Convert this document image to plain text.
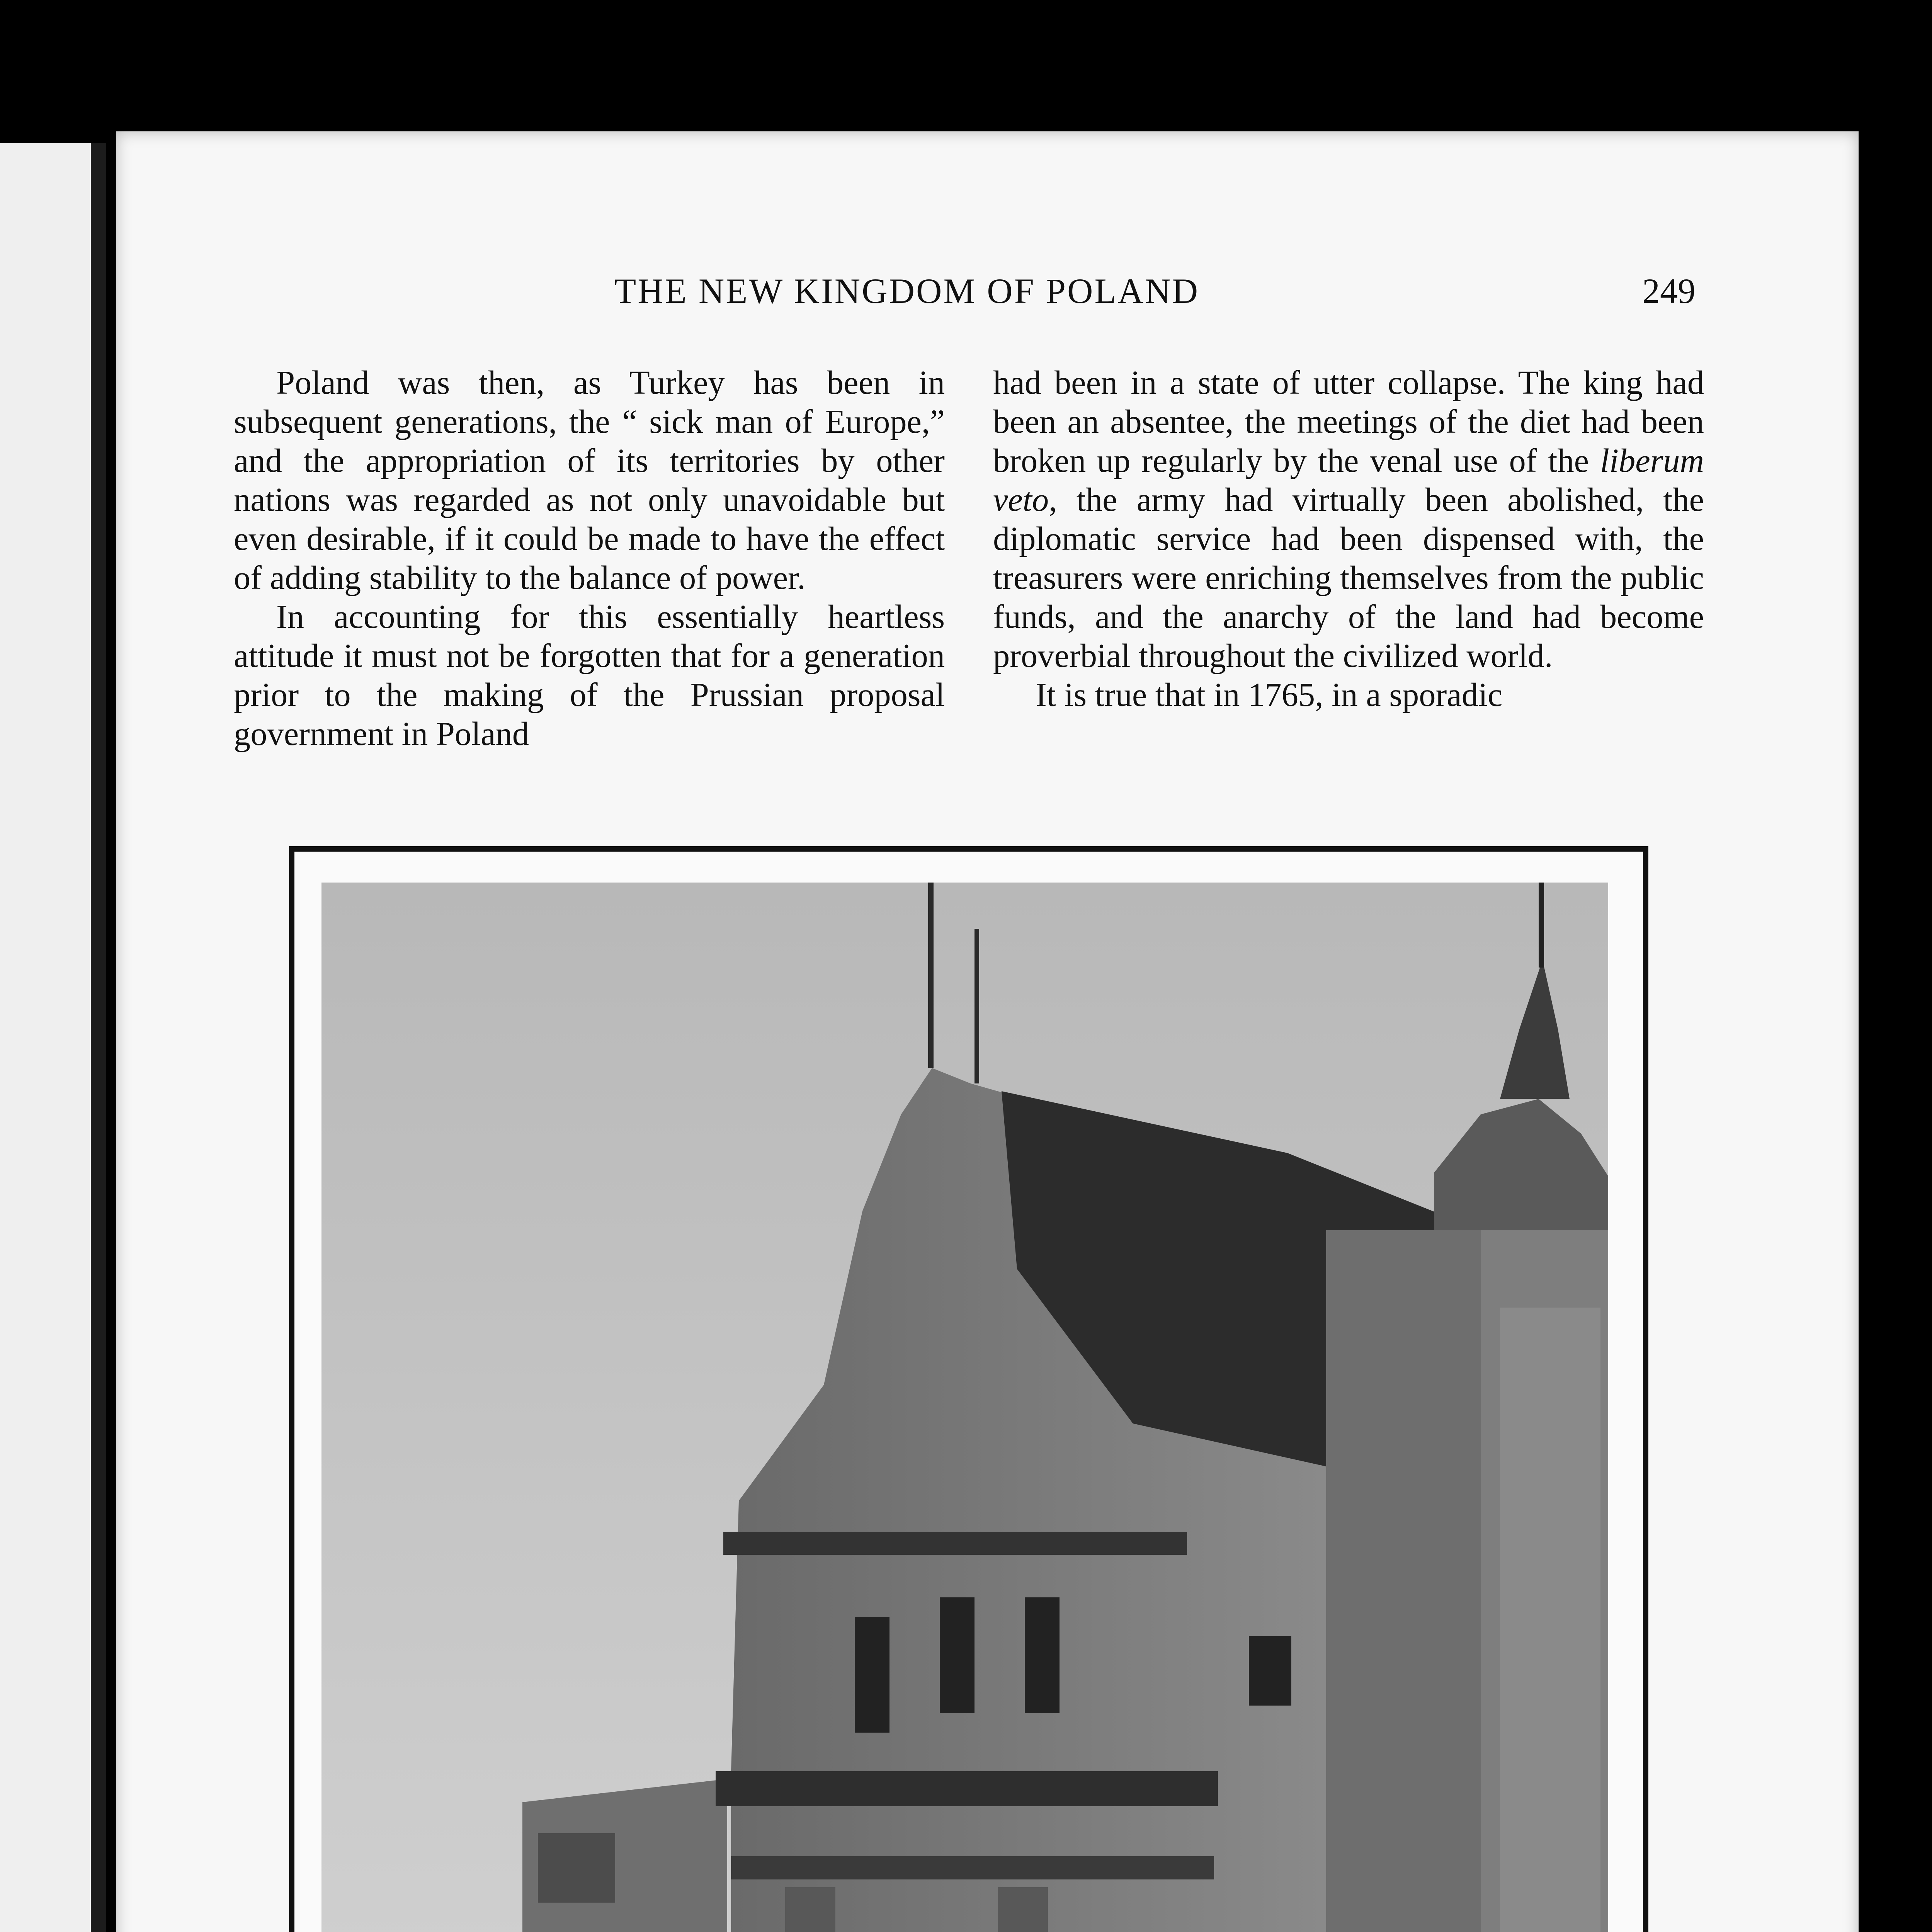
THE NEW KINGDOM OF POLAND	249

Poland was then, as Turkey has been in subsequent generations, the “ sick man of Europe,” and the appropriation of its territories by other nations was regarded as not only unavoidable but even desirable, if it could be made to have the effect of adding stability to the balance of power.

In accounting for this essentially heartless attitude it must not be forgotten that for a generation prior to the making of the Prussian proposal government in Poland

had been in a state of utter collapse. The king had been an absentee, the meetings of the diet had been broken up regularly by the venal use of the liberum veto, the army had virtually been abolished, the diplomatic service had been dispensed with, the treasurers were enriching themselves from the public funds, and the anarchy of the land had become proverbial throughout the civilized world.

It is true that in 1765, in a sporadic
